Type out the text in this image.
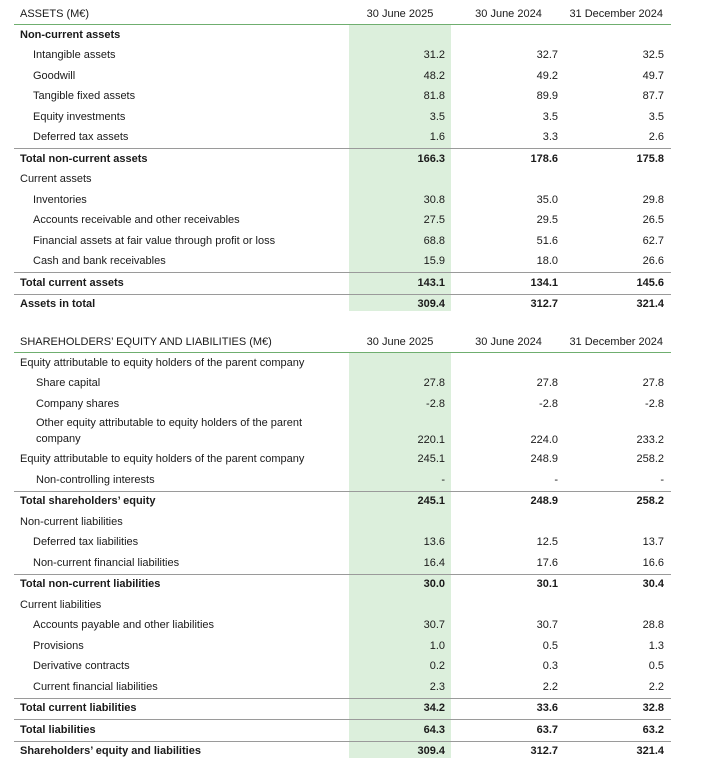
ASSETS (M€)	30 June 2025	30 June 2024	31 December 2024
Non-current assets			
Intangible assets	31.2	32.7	32.5
Goodwill	48.2	49.2	49.7
Tangible fixed assets	81.8	89.9	87.7
Equity investments	3.5	3.5	3.5
Deferred tax assets	1.6	3.3	2.6
Total non-current assets	166.3	178.6	175.8
Current assets			
Inventories	30.8	35.0	29.8
Accounts receivable and other receivables	27.5	29.5	26.5
Financial assets at fair value through profit or loss	68.8	51.6	62.7
Cash and bank receivables	15.9	18.0	26.6
Total current assets	143.1	134.1	145.6
Assets in total	309.4	312.7	321.4
SHAREHOLDERS’ EQUITY AND LIABILITIES (M€)	30 June 2025	30 June 2024	31 December 2024
Equity attributable to equity holders of the parent company			
Share capital	27.8	27.8	27.8
Company shares	-2.8	-2.8	-2.8

Other equity attributable to equity holders of the parent company	220.1	224.0	233.2
Equity attributable to equity holders of the parent company	245.1	248.9	258.2
Non-controlling interests	-	-	-
Total shareholders’ equity	245.1	248.9	258.2
Non-current liabilities			
Deferred tax liabilities	13.6	12.5	13.7
Non-current financial liabilities	16.4	17.6	16.6
Total non-current liabilities	30.0	30.1	30.4
Current liabilities			
Accounts payable and other liabilities	30.7	30.7	28.8
Provisions	1.0	0.5	1.3
Derivative contracts	0.2	0.3	0.5
Current financial liabilities	2.3	2.2	2.2
Total current liabilities	34.2	33.6	32.8
Total liabilities	64.3	63.7	63.2
Shareholders’ equity and liabilities	309.4	312.7	321.4
